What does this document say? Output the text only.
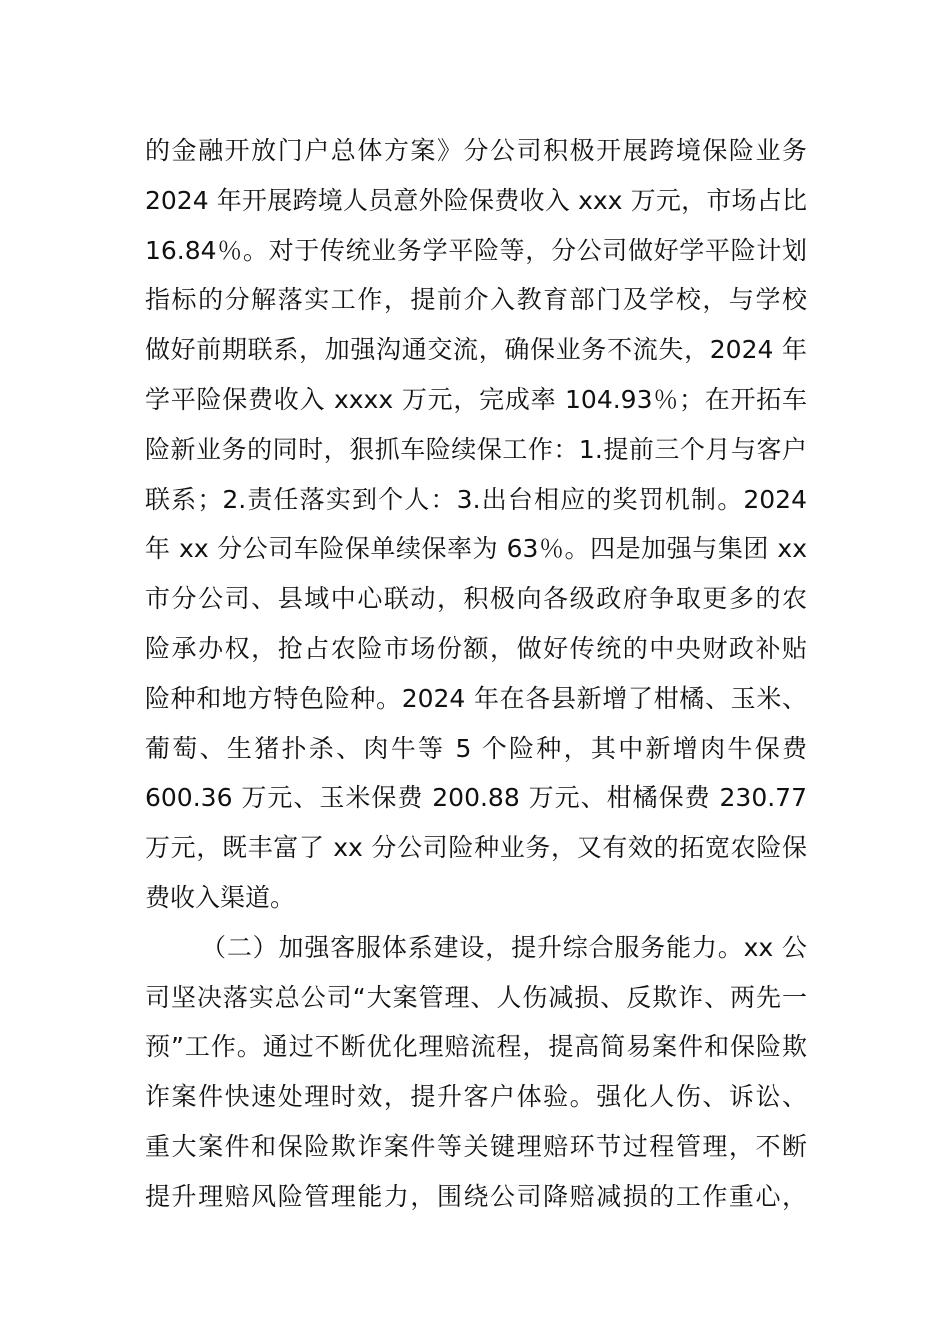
的金融开放门户总体方案》分公司积极开展跨境保险业务
2024 年开展跨境人员意外险保费收入 xxx 万元，市场占比
16.84％。对于传统业务学平险等，分公司做好学平险计划
指标的分解落实工作，提前介入教育部门及学校，与学校
做好前期联系，加强沟通交流，确保业务不流失，2024 年
学平险保费收入 xxxx 万元，完成率 104.93％；在开拓车
险新业务的同时，狠抓车险续保工作：1.提前三个月与客户
联系；2.责任落实到个人：3.出台相应的奖罚机制。2024
年 xx 分公司车险保单续保率为 63％。四是加强与集团 xx
市分公司、县域中心联动，积极向各级政府争取更多的农
险承办权，抢占农险市场份额，做好传统的中央财政补贴
险种和地方特色险种。2024 年在各县新增了柑橘、玉米、
葡萄、生猪扑杀、肉牛等 5 个险种，其中新增肉牛保费
600.36 万元、玉米保费 200.88 万元、柑橘保费 230.77
万元，既丰富了 xx 分公司险种业务，又有效的拓宽农险保
费收入渠道。
（二）加强客服体系建设，提升综合服务能力。xx 公
司坚决落实总公司“大案管理、人伤减损、反欺诈、两先一
预”工作。通过不断优化理赔流程，提高简易案件和保险欺
诈案件快速处理时效，提升客户体验。强化人伤、诉讼、
重大案件和保险欺诈案件等关键理赔环节过程管理，不断
提升理赔风险管理能力，围绕公司降赔减损的工作重心，
